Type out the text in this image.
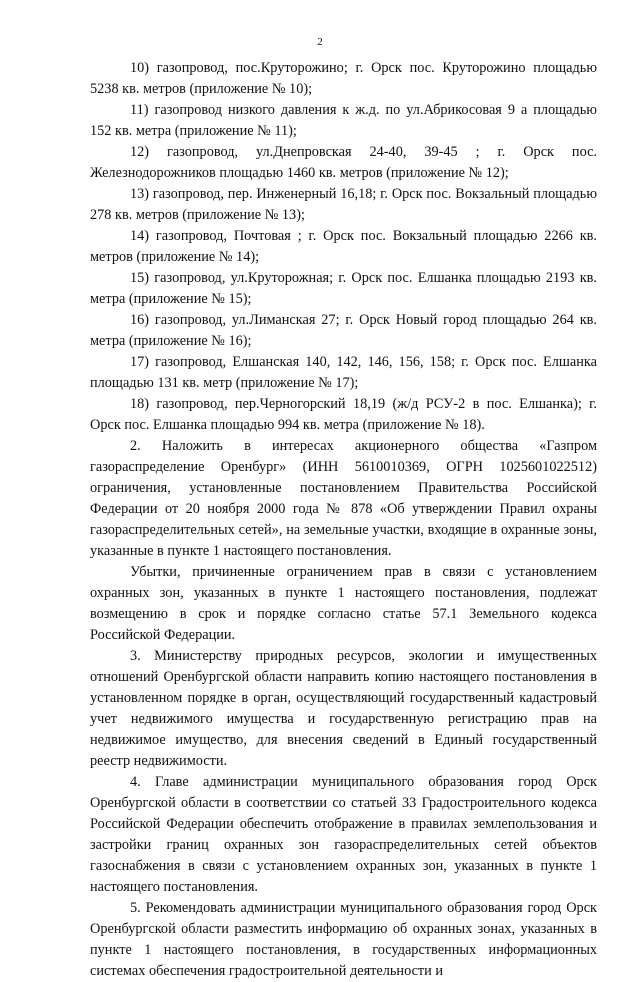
2

10) газопровод, пос.Круторожино; г. Орск пос. Круторожино площадью 5238 кв. метров (приложение № 10);

11) газопровод низкого давления к ж.д. по ул.Абрикосовая 9 а площадью 152 кв. метра (приложение № 11);

12) газопровод, ул.Днепровская 24-40, 39-45 ; г. Орск пос. Железнодорожников площадью 1460 кв. метров (приложение № 12);

13) газопровод, пер. Инженерный 16,18; г. Орск пос. Вокзальный площадью 278 кв. метров (приложение № 13);

14) газопровод, Почтовая ; г. Орск пос. Вокзальный площадью 2266 кв. метров (приложение № 14);

15) газопровод, ул.Круторожная; г. Орск пос. Елшанка площадью 2193 кв. метра (приложение № 15);

16) газопровод, ул.Лиманская 27; г. Орск Новый город площадью 264 кв. метра (приложение № 16);

17) газопровод, Елшанская 140, 142, 146, 156, 158; г. Орск пос. Елшанка площадью 131 кв. метр (приложение № 17);

18) газопровод, пер.Черногорский 18,19 (ж/д РСУ-2 в пос. Елшанка); г. Орск пос. Елшанка площадью 994 кв. метра (приложение № 18).

2. Наложить в интересах акционерного общества «Газпром газораспределение Оренбург» (ИНН 5610010369, ОГРН 1025601022512) ограничения, установленные постановлением Правительства Российской Федерации от 20 ноября 2000 года № 878 «Об утверждении Правил охраны газораспределительных сетей», на земельные участки, входящие в охранные зоны, указанные в пункте 1 настоящего постановления.

Убытки, причиненные ограничением прав в связи с установлением охранных зон, указанных в пункте 1 настоящего постановления, подлежат возмещению в срок и порядке согласно статье 57.1 Земельного кодекса Российской Федерации.

3. Министерству природных ресурсов, экологии и имущественных отношений Оренбургской области направить копию настоящего постановления в установленном порядке в орган, осуществляющий государственный кадастровый учет недвижимого имущества и государственную регистрацию прав на недвижимое имущество, для внесения сведений в Единый государственный реестр недвижимости.

4. Главе администрации муниципального образования город Орск Оренбургской области в соответствии со статьей 33 Градостроительного кодекса Российской Федерации обеспечить отображение в правилах землепользования и застройки границ охранных зон газораспределительных сетей объектов газоснабжения в связи с установлением охранных зон, указанных в пункте 1 настоящего постановления.

5. Рекомендовать администрации муниципального образования город Орск Оренбургской области разместить информацию об охранных зонах, указанных в пункте 1 настоящего постановления, в государственных информационных системах обеспечения градостроительной деятельности и
